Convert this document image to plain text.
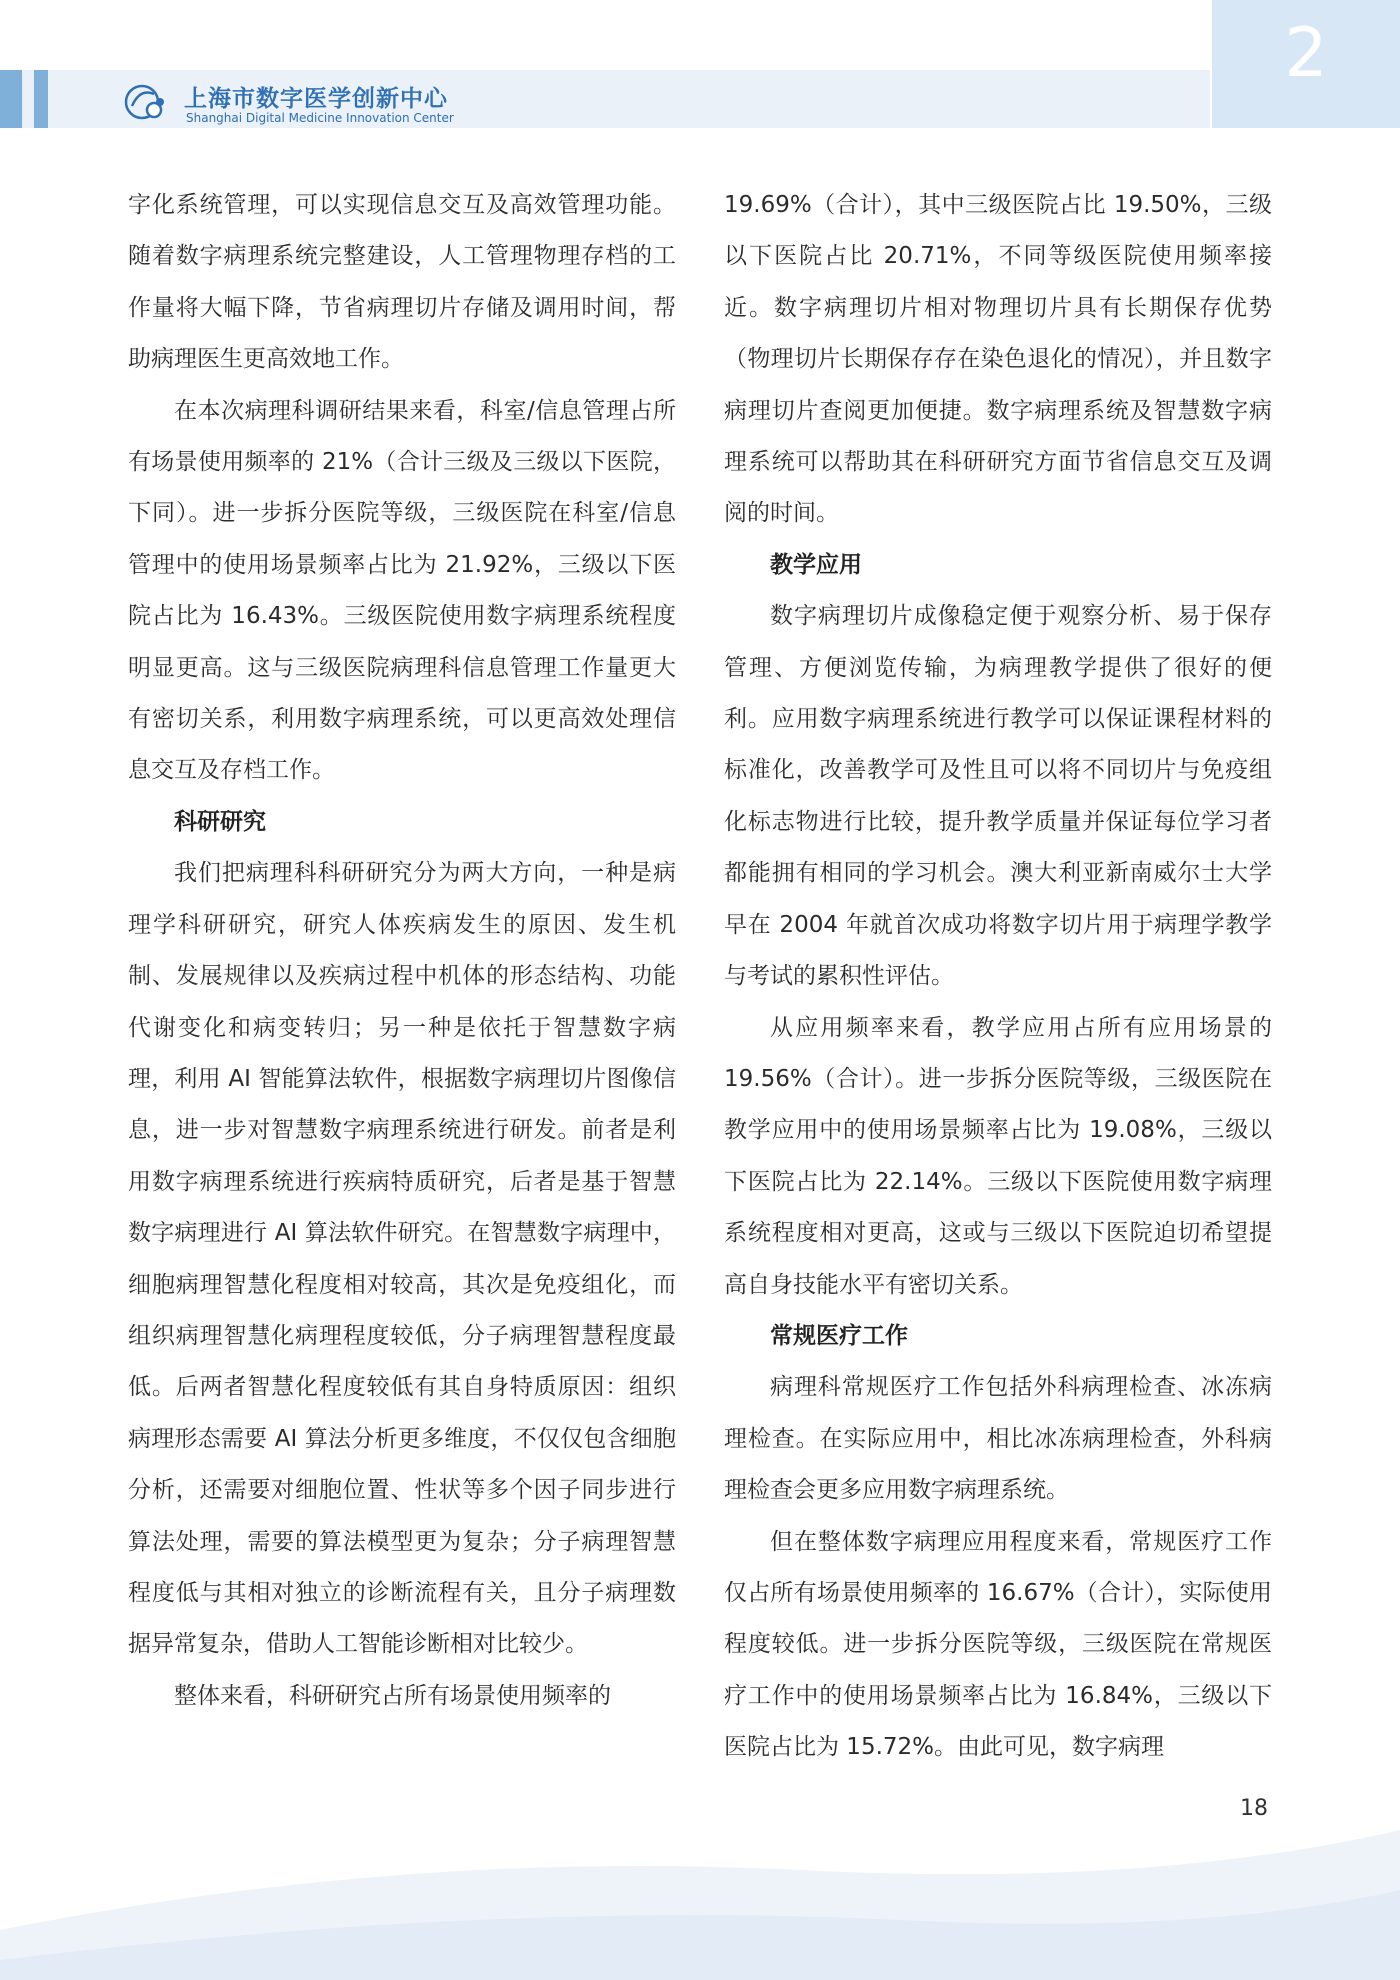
上海市数字医学创新中心
Shanghai Digital Medicine Innovation Center
2

字化系统管理，可以实现信息交互及高效管理功能。随着数字病理系统完整建设，人工管理物理存档的工作量将大幅下降，节省病理切片存储及调用时间，帮助病理医生更高效地工作。

在本次病理科调研结果来看，科室/信息管理占所有场景使用频率的 21%（合计三级及三级以下医院，下同）。进一步拆分医院等级，三级医院在科室/信息管理中的使用场景频率占比为 21.92%，三级以下医院占比为 16.43%。三级医院使用数字病理系统程度明显更高。这与三级医院病理科信息管理工作量更大有密切关系，利用数字病理系统，可以更高效处理信息交互及存档工作。

科研研究

我们把病理科科研研究分为两大方向，一种是病理学科研研究，研究人体疾病发生的原因、发生机制、发展规律以及疾病过程中机体的形态结构、功能代谢变化和病变转归；另一种是依托于智慧数字病理，利用 AI 智能算法软件，根据数字病理切片图像信息，进一步对智慧数字病理系统进行研发。前者是利用数字病理系统进行疾病特质研究，后者是基于智慧数字病理进行 AI 算法软件研究。在智慧数字病理中，细胞病理智慧化程度相对较高，其次是免疫组化，而组织病理智慧化病理程度较低，分子病理智慧程度最低。后两者智慧化程度较低有其自身特质原因：组织病理形态需要 AI 算法分析更多维度，不仅仅包含细胞分析，还需要对细胞位置、性状等多个因子同步进行算法处理，需要的算法模型更为复杂；分子病理智慧程度低与其相对独立的诊断流程有关，且分子病理数据异常复杂，借助人工智能诊断相对比较少。

整体来看，科研研究占所有场景使用频率的

19.69%（合计），其中三级医院占比 19.50%，三级以下医院占比 20.71%，不同等级医院使用频率接近。数字病理切片相对物理切片具有长期保存优势（物理切片长期保存存在染色退化的情况），并且数字病理切片查阅更加便捷。数字病理系统及智慧数字病理系统可以帮助其在科研研究方面节省信息交互及调阅的时间。

教学应用

数字病理切片成像稳定便于观察分析、易于保存管理、方便浏览传输，为病理教学提供了很好的便利。应用数字病理系统进行教学可以保证课程材料的标准化，改善教学可及性且可以将不同切片与免疫组化标志物进行比较，提升教学质量并保证每位学习者都能拥有相同的学习机会。澳大利亚新南威尔士大学早在 2004 年就首次成功将数字切片用于病理学教学与考试的累积性评估。

从应用频率来看，教学应用占所有应用场景的 19.56%（合计）。进一步拆分医院等级，三级医院在教学应用中的使用场景频率占比为 19.08%，三级以下医院占比为 22.14%。三级以下医院使用数字病理系统程度相对更高，这或与三级以下医院迫切希望提高自身技能水平有密切关系。

常规医疗工作

病理科常规医疗工作包括外科病理检查、冰冻病理检查。在实际应用中，相比冰冻病理检查，外科病理检查会更多应用数字病理系统。

但在整体数字病理应用程度来看，常规医疗工作仅占所有场景使用频率的 16.67%（合计），实际使用程度较低。进一步拆分医院等级，三级医院在常规医疗工作中的使用场景频率占比为 16.84%，三级以下医院占比为 15.72%。由此可见，数字病理

18
